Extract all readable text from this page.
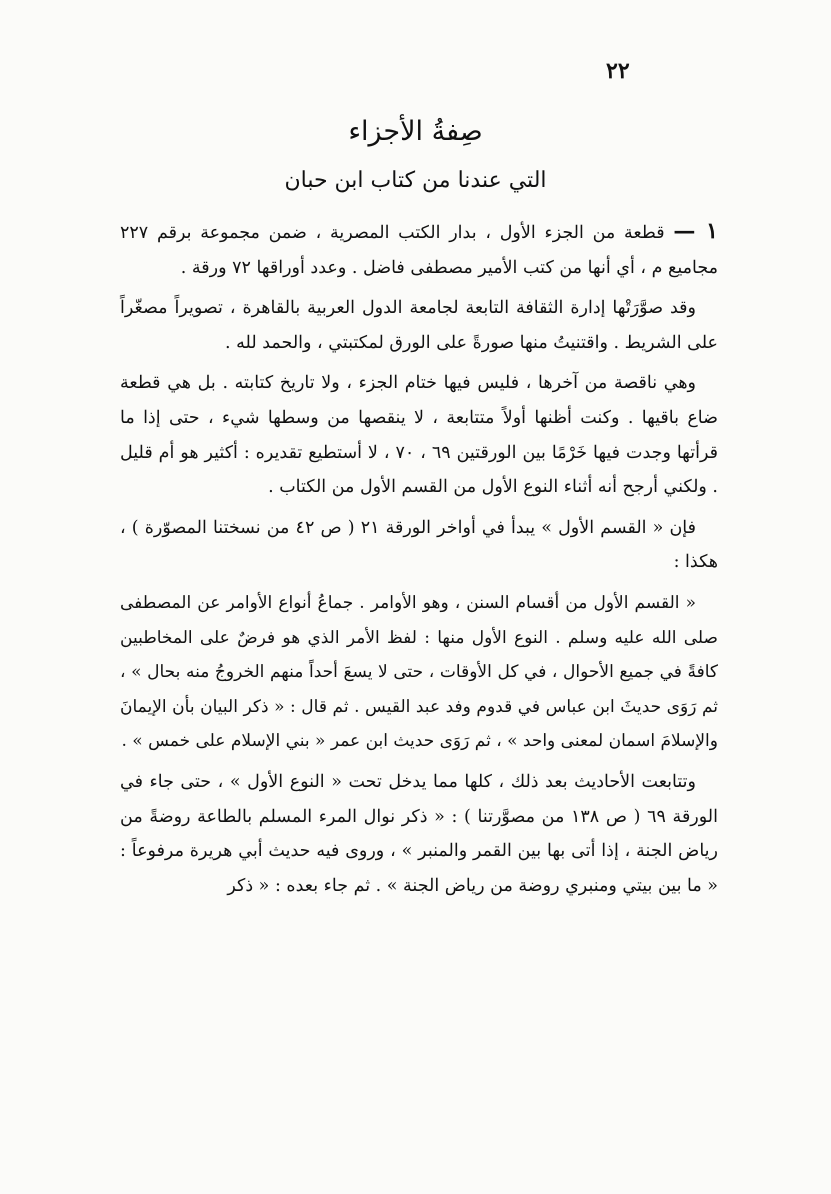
٢٢
صِفةُ الأجزاء
التي عندنا من كتاب ابن حبان

١ — قطعة من الجزء الأول ، بدار الكتب المصرية ، ضمن مجموعة برقم ٢٢٧ مجاميع م ، أي أنها من كتب الأمير مصطفى فاضل . وعدد أوراقها ٧٢ ورقة .

وقد صوَّرَتْها إدارة الثقافة التابعة لجامعة الدول العربية بالقاهرة ، تصويراً مصغّراً على الشريط . واقتنيتُ منها صورةً على الورق لمكتبتي ، والحمد لله .

وهي ناقصة من آخرها ، فليس فيها ختام الجزء ، ولا تاريخ كتابته . بل هي قطعة ضاع باقيها . وكنت أظنها أولاً متتابعة ، لا ينقصها من وسطها شيء ، حتى إذا ما قرأتها وجدت فيها خَرْمًا بين الورقتين ٦٩ ، ٧٠ ، لا أستطيع تقديره : أكثير هو أم قليل . ولكني أرجح أنه أثناء النوع الأول من القسم الأول من الكتاب .

فإن « القسم الأول » يبدأ في أواخر الورقة ٢١ ( ص ٤٢ من نسختنا المصوّرة ) ، هكذا :

« القسم الأول من أقسام السنن ، وهو الأوامر . جماعُ أنواع الأوامر عن المصطفى صلى الله عليه وسلم . النوع الأول منها : لفظ الأمر الذي هو فرضٌ على المخاطبين كافةً في جميع الأحوال ، في كل الأوقات ، حتى لا يسعَ أحداً منهم الخروجُ منه بحال » ، ثم رَوَى حديثَ ابن عباس في قدوم وفد عبد القيس . ثم قال : « ذكر البيان بأن الإيمانَ والإسلامَ اسمان لمعنى واحد » ، ثم رَوَى حديث ابن عمر « بني الإسلام على خمس » .

وتتابعت الأحاديث بعد ذلك ، كلها مما يدخل تحت « النوع الأول » ، حتى جاء في الورقة ٦٩ ( ص ١٣٨ من مصوَّرتنا ) : « ذكر نوال المرء المسلم بالطاعة روضةً من رياض الجنة ، إذا أتى بها بين القمر والمنبر » ، وروى فيه حديث أبي هريرة مرفوعاً : « ما بين بيتي ومنبري روضة من رياض الجنة » . ثم جاء بعده : « ذكر
